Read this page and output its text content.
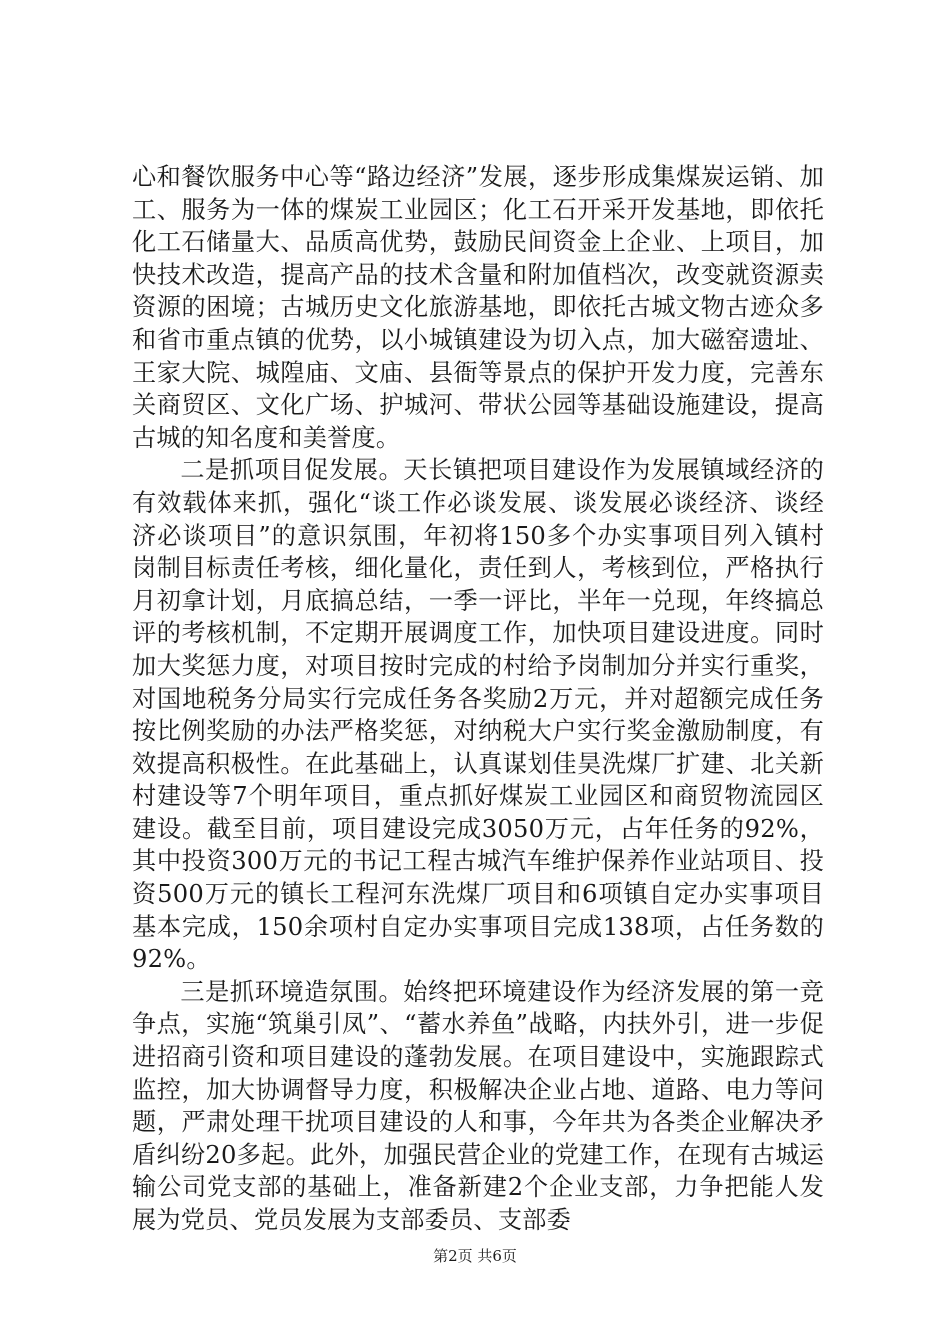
心和餐饮服务中心等“路边经济”发展，逐步形成集煤炭运销、加工、服务为一体的煤炭工业园区；化工石开采开发基地，即依托化工石储量大、品质高优势，鼓励民间资金上企业、上项目，加快技术改造，提高产品的技术含量和附加值档次，改变就资源卖资源的困境；古城历史文化旅游基地，即依托古城文物古迹众多和省市重点镇的优势，以小城镇建设为切入点，加大磁窑遗址、王家大院、城隍庙、文庙、县衙等景点的保护开发力度，完善东关商贸区、文化广场、护城河、带状公园等基础设施建设，提高古城的知名度和美誉度。

二是抓项目促发展。天长镇把项目建设作为发展镇域经济的有效载体来抓，强化“谈工作必谈发展、谈发展必谈经济、谈经济必谈项目”的意识氛围，年初将150多个办实事项目列入镇村岗制目标责任考核，细化量化，责任到人，考核到位，严格执行月初拿计划，月底搞总结，一季一评比，半年一兑现，年终搞总评的考核机制，不定期开展调度工作，加快项目建设进度。同时加大奖惩力度，对项目按时完成的村给予岗制加分并实行重奖，对国地税务分局实行完成任务各奖励2万元，并对超额完成任务按比例奖励的办法严格奖惩，对纳税大户实行奖金激励制度，有效提高积极性。在此基础上，认真谋划佳昊洗煤厂扩建、北关新村建设等7个明年项目，重点抓好煤炭工业园区和商贸物流园区建设。截至目前，项目建设完成3050万元，占年任务的92%，其中投资300万元的书记工程古城汽车维护保养作业站项目、投资500万元的镇长工程河东洗煤厂项目和6项镇自定办实事项目基本完成，150余项村自定办实事项目完成138项，占任务数的92%。

三是抓环境造氛围。始终把环境建设作为经济发展的第一竞争点，实施“筑巢引凤”、“蓄水养鱼”战略，内扶外引，进一步促进招商引资和项目建设的蓬勃发展。在项目建设中，实施跟踪式监控，加大协调督导力度，积极解决企业占地、道路、电力等问题，严肃处理干扰项目建设的人和事，今年共为各类企业解决矛盾纠纷20多起。此外，加强民营企业的党建工作，在现有古城运输公司党支部的基础上，准备新建2个企业支部，力争把能人发展为党员、党员发展为支部委员、支部委

第2页 共6页
